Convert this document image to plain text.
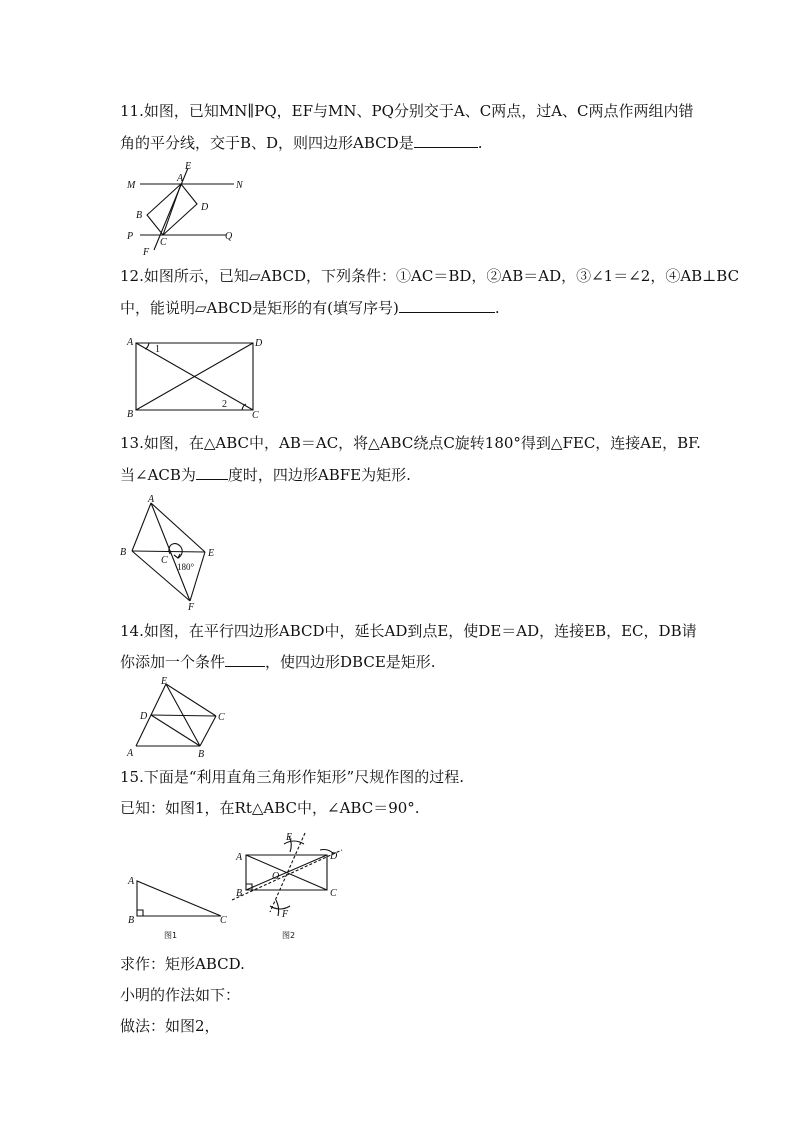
11.如图，已知MN∥PQ，EF与MN、PQ分别交于A、C两点，过A、C两点作两组内错
角的平分线，交于B、D，则四边形ABCD是	.
M	N
E
A
B
D
C
P	Q
F
12.如图所示，已知▱ABCD，下列条件：①AC＝BD，②AB＝AD，③∠1＝∠2，④AB⊥BC
中，能说明▱ABCD是矩形的有(填写序号)	.
A	D
B	C
1
2
13.如图，在△ABC中，AB＝AC，将△ABC绕点C旋转180°得到△FEC，连接AE，BF.
当∠ACB为 度时，四边形ABFE为矩形.
A
B
C
E
F
180°
14.如图，在平行四边形ABCD中，延长AD到点E，使DE＝AD，连接EB，EC，DB请
你添加一个条件	，使四边形DBCE是矩形.
E
D	C
A	B
15.下面是“利用直角三角形作矩形”尺规作图的过程.
已知：如图1，在Rt△ABC中，∠ABC＝90°.
A
B	C
图1
E
F
A
B	C
D
O
图2
求作：矩形ABCD.
小明的作法如下：
做法：如图2，
